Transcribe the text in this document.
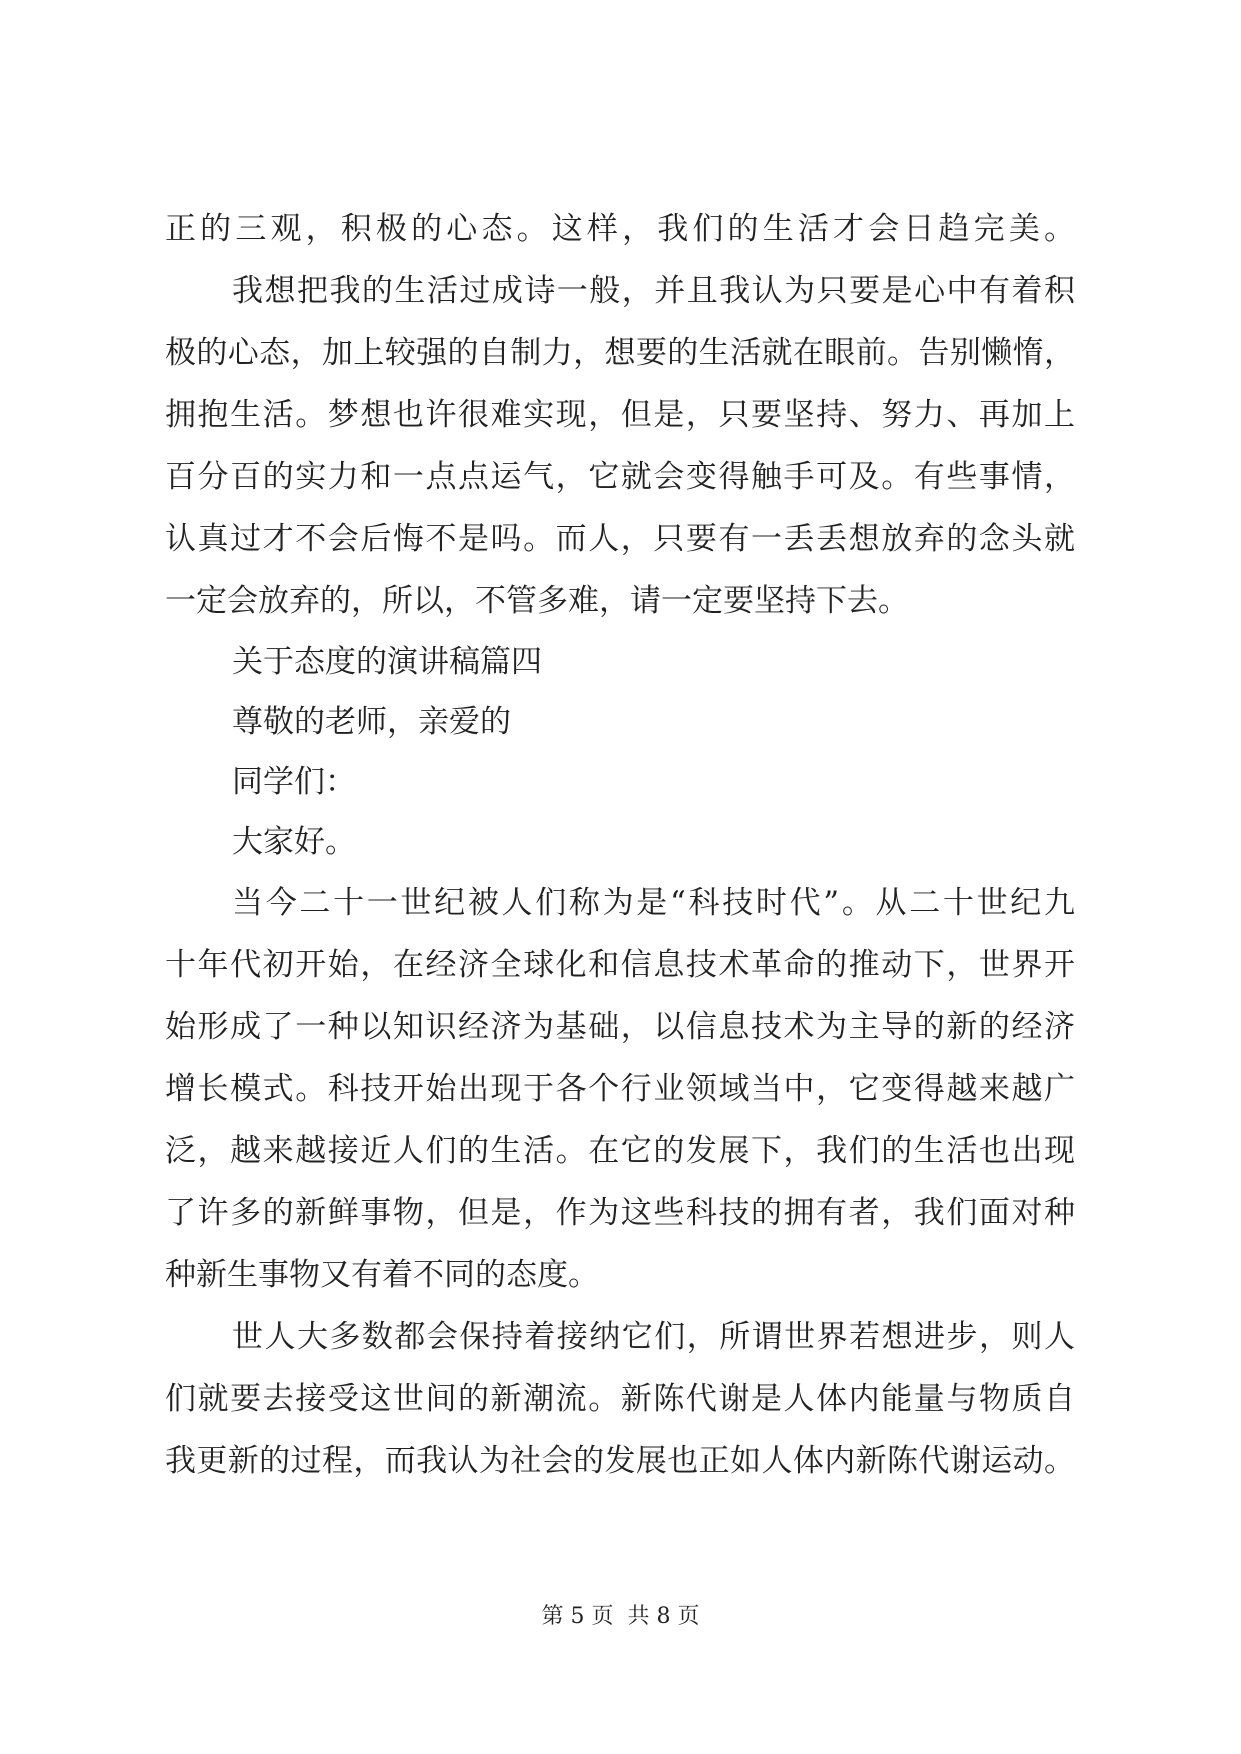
正的三观，积极的心态。这样，我们的生活才会日趋完美。
我想把我的生活过成诗一般，并且我认为只要是心中有着积
极的心态，加上较强的自制力，想要的生活就在眼前。告别懒惰，
拥抱生活。梦想也许很难实现，但是，只要坚持、努力、再加上
百分百的实力和一点点运气，它就会变得触手可及。有些事情，
认真过才不会后悔不是吗。而人，只要有一丢丢想放弃的念头就
一定会放弃的，所以，不管多难，请一定要坚持下去。
关于态度的演讲稿篇四
尊敬的老师，亲爱的
同学们：
大家好。
当今二十一世纪被人们称为是“科技时代”。从二十世纪九
十年代初开始，在经济全球化和信息技术革命的推动下，世界开
始形成了一种以知识经济为基础，以信息技术为主导的新的经济
增长模式。科技开始出现于各个行业领域当中，它变得越来越广
泛，越来越接近人们的生活。在它的发展下，我们的生活也出现
了许多的新鲜事物，但是，作为这些科技的拥有者，我们面对种
种新生事物又有着不同的态度。
世人大多数都会保持着接纳它们，所谓世界若想进步，则人
们就要去接受这世间的新潮流。新陈代谢是人体内能量与物质自
我更新的过程，而我认为社会的发展也正如人体内新陈代谢运动。
第 5 页 共 8 页
